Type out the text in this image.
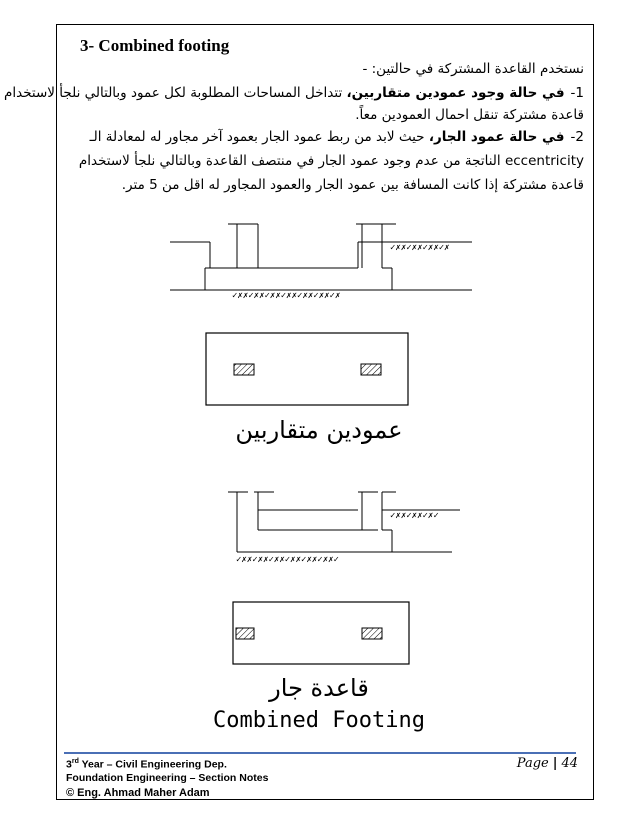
3- Combined footing
نستخدم القاعدة المشتركة في حالتين: -
1-في حالة وجود عمودين متقاربين، تتداخل المساحات المطلوبة لكل عمود وبالتالي نلجأ لاستخدام
قاعدة مشتركة تنقل احمال العمودين معاً.
2-في حالة عمود الجار، حيث لابد من ربط عمود الجار بعمود آخر مجاور له لمعادلة الـ
eccentricity الناتجة من عدم وجود عمود الجار في منتصف القاعدة وبالتالي نلجأ لاستخدام
قاعدة مشتركة إذا كانت المسافة بين عمود الجار والعمود المجاور له اقل من 5 متر.
✓✗✗✓✗✗✓✗✗✓✗
✓✗✗✓✗✗✓✗✗✓✗✗✓✗✗✓✗✗✓✗
✓✗✗✓✗✗✓✗✓
✓✗✗✓✗✗✓✗✗✓✗✗✓✗✗✓✗✗✓
عمودين متقاربين
قاعدة جار
Combined Footing
3rd Year – Civil Engineering Dep.
Foundation Engineering – Section Notes
© Eng. Ahmad Maher Adam
Page | 44
